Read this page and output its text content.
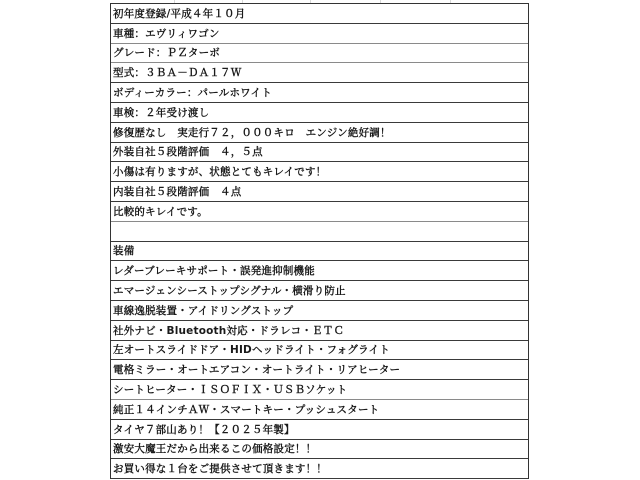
初年度登録/平成４年１０月
車種：エヴリィワゴン
グレード：ＰＺターボ
型式：３ＢＡ－ＤＡ１７Ｗ
ボディーカラー：パールホワイト
車検：２年受け渡し
修復歴なし　実走行７２，０００キロ　エンジン絶好調！
外装自社５段階評価　４，５点
小傷は有りますが、状態とてもキレイです！
内装自社５段階評価　４点
比較的キレイです。
装備
レダーブレーキサポート・誤発進抑制機能
エマージェンシーストップシグナル・横滑り防止
車線逸脱装置・アイドリングストップ
社外ナビ・Bluetooth対応・ドラレコ・ＥＴＣ
左オートスライドドア・HIDヘッドライト・フォグライト
電格ミラー・オートエアコン・オートライト・リアヒーター
シートヒーター・ＩＳＯＦＩＸ・ＵＳＢソケット
純正１４インチＡＷ・スマートキー・プッシュスタート
タイヤ７部山あり！【２０２５年製】
激安大魔王だから出来るこの価格設定！！
お買い得な１台をご提供させて頂きます！！
